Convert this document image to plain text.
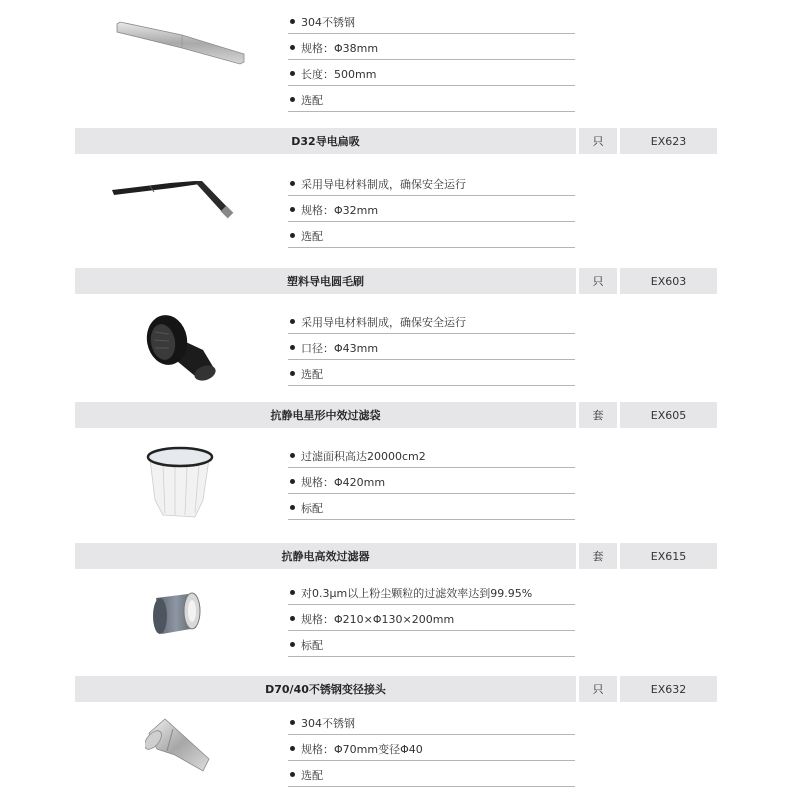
304不锈钢
规格：Φ38mm
长度：500mm
选配
D32导电扁吸	只	EX623
采用导电材料制成，确保安全运行
规格：Φ32mm
选配
塑料导电圆毛刷	只	EX603
采用导电材料制成，确保安全运行
口径：Φ43mm
选配
抗静电星形中效过滤袋	套	EX605
过滤面积高达20000cm2
规格：Φ420mm
标配
抗静电高效过滤器	套	EX615
对0.3μm以上粉尘颗粒的过滤效率达到99.95%
规格：Φ210×Φ130×200mm
标配
D70/40不锈钢变径接头	只	EX632
304不锈钢
规格：Φ70mm变径Φ40
选配
